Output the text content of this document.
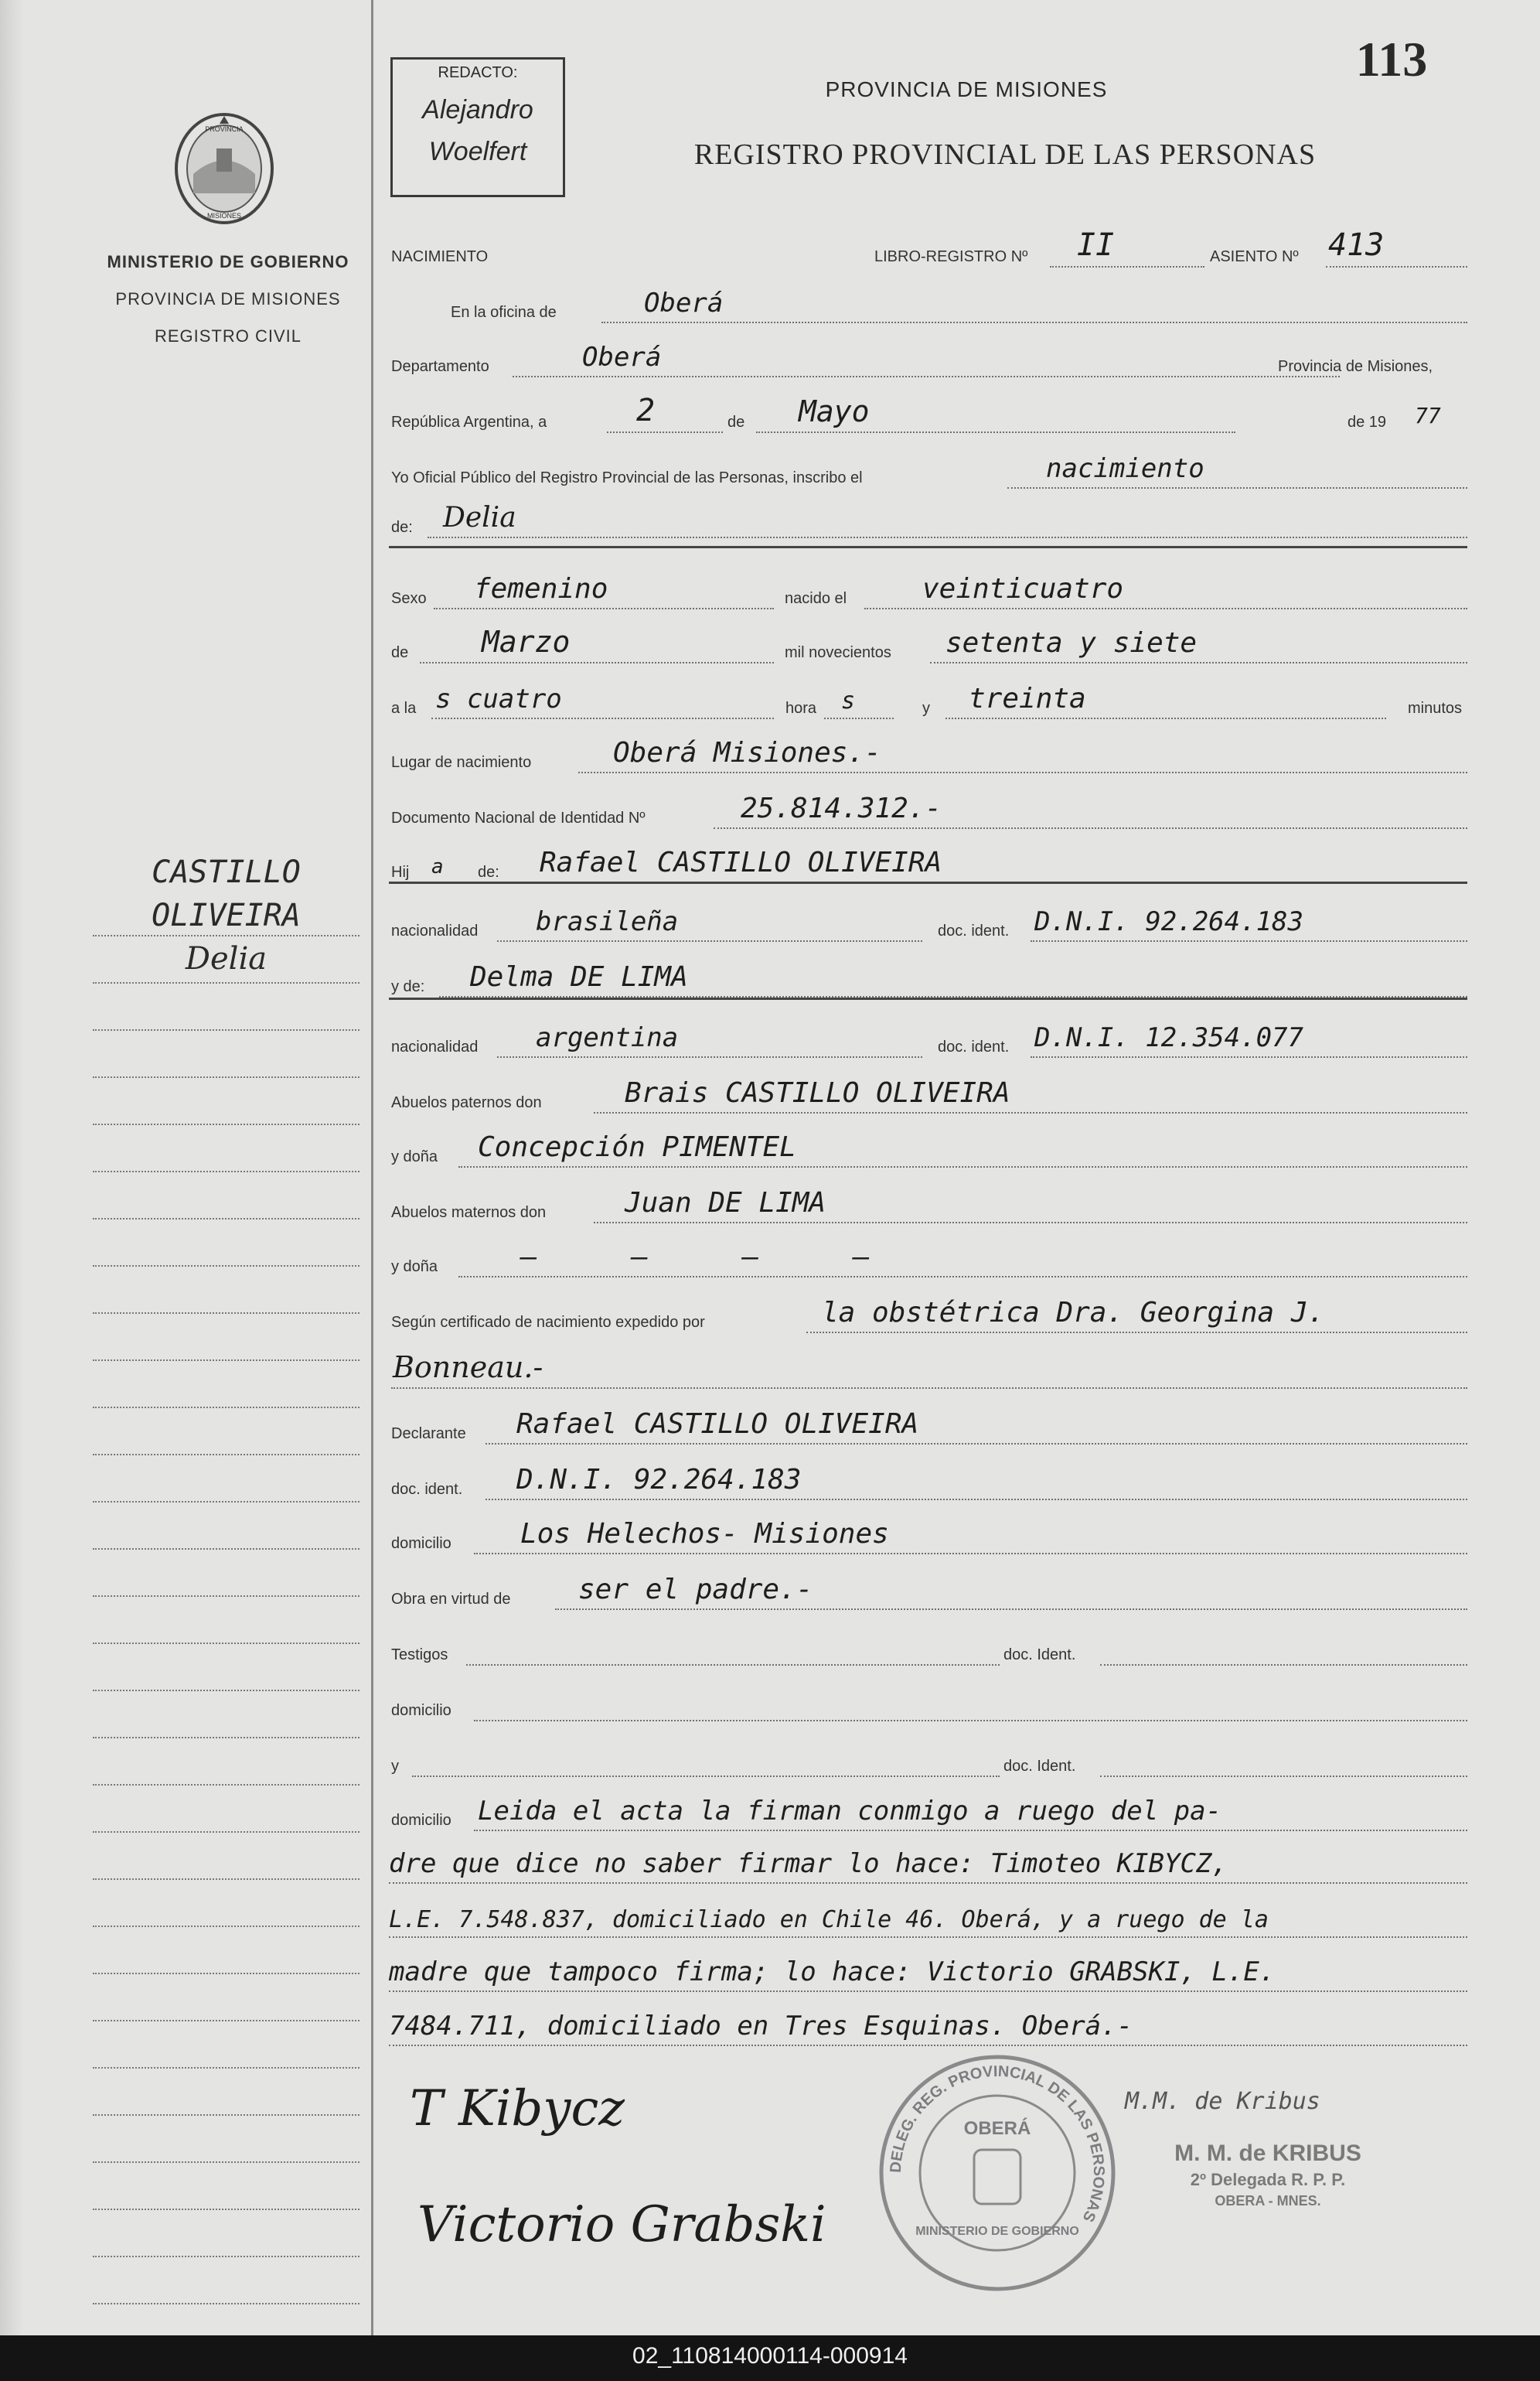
PROVINCIA
MISIONES
MINISTERIO DE GOBIERNO
PROVINCIA DE MISIONES
REGISTRO CIVIL
CASTILLO
OLIVEIRA
Delia
REDACTO:
Alejandro
Woelfert
PROVINCIA DE MISIONES
REGISTRO PROVINCIAL DE LAS PERSONAS
113
NACIMIENTO	LIBRO-REGISTRO Nº II	ASIENTO Nº 413
En la oficina de	Oberá
Departamento	Oberá	Provincia de Misiones,
República Argentina, a	2	de Mayo	de 19 77
Yo Oficial Público del Registro Provincial de las Personas, inscribo el	nacimiento
de: Delia
Sexo femenino	nacido el	veinticuatro
de Marzo	mil novecientos setenta y siete
a la s cuatro	hora s	y treinta	minutos
Lugar de nacimiento	Oberá Misiones.-
Documento Nacional de Identidad Nº	25.814.312.-
Hij a de: Rafael CASTILLO OLIVEIRA
nacionalidad brasileña	doc. ident. D.N.I. 92.264.183
y de: Delma DE LIMA
nacionalidad argentina	doc. ident. D.N.I. 12.354.077
Abuelos paternos don	Brais CASTILLO OLIVEIRA
y doña Concepción PIMENTEL
Abuelos maternos don	Juan DE LIMA
y doña	— — — —
Según certificado de nacimiento expedido por	la obstétrica Dra. Georgina J.
Bonneau.-
Declarante Rafael CASTILLO OLIVEIRA
doc. ident. D.N.I. 92.264.183
domicilio Los Helechos- Misiones
Obra en virtud de ser el padre.-
Testigos	doc. Ident.
domicilio
y	doc. Ident.
domicilio Leida el acta la firman conmigo a ruego del pa-
dre que dice no saber firmar lo hace: Timoteo KIBYCZ,
L.E. 7.548.837, domiciliado en Chile 46. Oberá, y a ruego de la
madre que tampoco firma; lo hace: Victorio GRABSKI, L.E.
7484.711, domiciliado en Tres Esquinas. Oberá.-
T Kibycz
Victorio Grabski
DELEG. REG. PROVINCIAL DE LAS PERSONAS
OBERÁ
MINISTERIO DE GOBIERNO
M.M. de Kribus
M. M. de KRIBUS
2º Delegada R. P. P.
OBERA - MNES.
02_110814000114-000914
